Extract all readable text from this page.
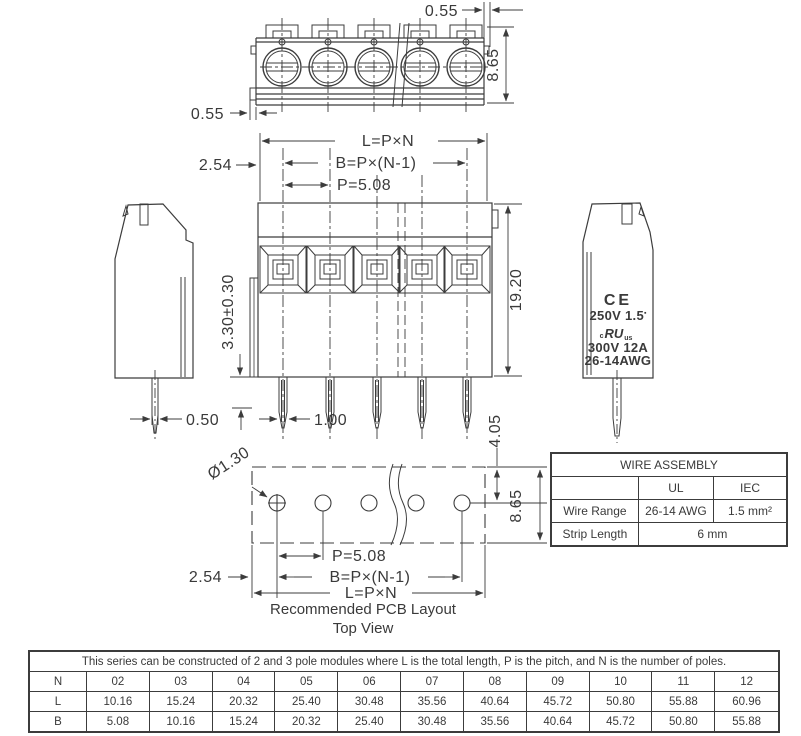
0.55
8.65
0.55
L=P×N
B=P×(N-1)
P=5.08
2.54
19.20
3.30±0.30
1.00
0.50
CE
250V 1.5▪
cRUus
300V 12A
26-14AWG
Ø1.30
P=5.08
B=P×(N-1)
L=P×N
2.54
4.05
8.65
Recommended PCB Layout
Top View
WIRE ASSEMBLY		
	UL	IEC
Wire Range	26-14 AWG	1.5 mm²
Strip Length	6 mm	
This series can be constructed of 2 and 3 pole modules where L is the total length, P is the pitch, and N is the number of poles.											
N	02	03	04	05	06	07	08	09	10	11	12
L	10.16	15.24	20.32	25.40	30.48	35.56	40.64	45.72	50.80	55.88	60.96
B	5.08	10.16	15.24	20.32	25.40	30.48	35.56	40.64	45.72	50.80	55.88
